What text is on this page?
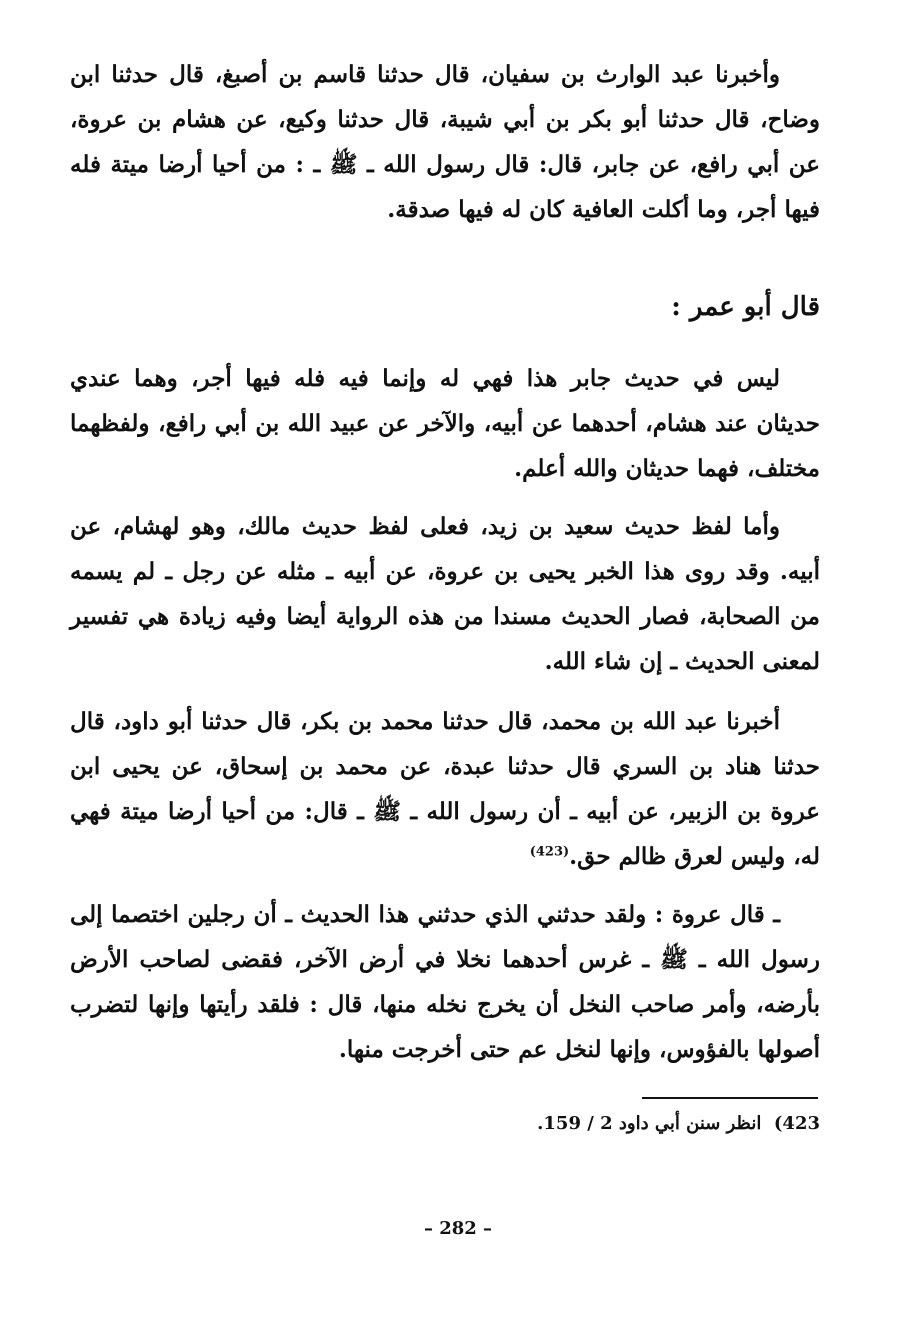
وأخبرنا عبد الوارث بن سفيان، قال حدثنا قاسم بن أصبغ، قال حدثنا ابن وضاح، قال حدثنا أبو بكر بن أبي شيبة، قال حدثنا وكيع، عن هشام بن عروة، عن أبي رافع، عن جابر، قال: قال رسول الله ـ ﷺ ـ : من أحيا أرضا ميتة فله فيها أجر، وما أكلت العافية كان له فيها صدقة.

قال أبو عمر :

ليس في حديث جابر هذا فهي له وإنما فيه فله فيها أجر، وهما عندي حديثان عند هشام، أحدهما عن أبيه، والآخر عن عبيد الله بن أبي رافع، ولفظهما مختلف، فهما حديثان والله أعلم.

وأما لفظ حديث سعيد بن زيد، فعلى لفظ حديث مالك، وهو لهشام، عن أبيه. وقد روى هذا الخبر يحيى بن عروة، عن أبيه ـ مثله عن رجل ـ لم يسمه من الصحابة، فصار الحديث مسندا من هذه الرواية أيضا وفيه زيادة هي تفسير لمعنى الحديث ـ إن شاء الله.

أخبرنا عبد الله بن محمد، قال حدثنا محمد بن بكر، قال حدثنا أبو داود، قال حدثنا هناد بن السري قال حدثنا عبدة، عن محمد بن إسحاق، عن يحيى ابن عروة بن الزبير، عن أبيه ـ أن رسول الله ـ ﷺ ـ قال: من أحيا أرضا ميتة فهي له، وليس لعرق ظالم حق.$^{(423)}$

ـ قال عروة : ولقد حدثني الذي حدثني هذا الحديث ـ أن رجلين اختصما إلى رسول الله ـ ﷺ ـ غرس أحدهما نخلا في أرض الآخر، فقضى لصاحب الأرض بأرضه، وأمر صاحب النخل أن يخرج نخله منها، قال : فلقد رأيتها وإنها لتضرب أصولها بالفؤوس، وإنها لنخل عم حتى أخرجت منها.

423)  انظر سنن أبي داود 2 / 159.

– 282 –
